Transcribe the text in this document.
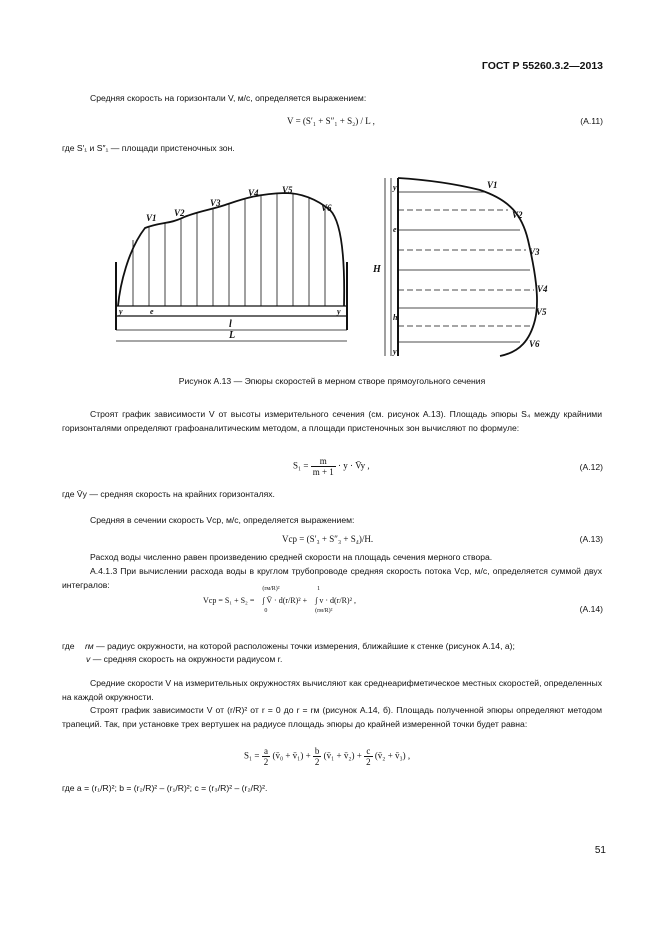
ГОСТ Р 55260.3.2—2013
Средняя скорость на горизонтали V, м/с, определяется выражением:
V = (S′₁ + S″₁ + S₂) / L ,	(А.11)
где S′₁ и S″₁ — площади пристеночных зон.
V1 V2
V3
V4	V5
V6
y	y
e
l
L
V1
V2
V3
V4
V5
V6
H
h
y
y
e
Рисунок А.13 — Эпюры скоростей в мерном створе прямоугольного сечения
Строят график зависимости V от высоты измерительного сечения (см. рисунок А.13). Площадь эпюры S₄ между крайними горизонталями определяют графоаналитическим методом, а площади пристеночных зон вычисляют по формуле:
$S_1 = \frac{m}{m + 1} \cdot y$ · V̄y ,	(А.12)
где V̄y — средняя скорость на крайних горизонталях.
Средняя в сечении скорость Vср, м/с, определяется выражением:
Vср = (S′₃ + S″₃ + S₄)/H.	(А.13)
Расход воды численно равен произведению средней скорости на площадь сечения мерного створа.
А.4.1.3 При вычислении расхода воды в круглом трубопроводе средняя скорость потока Vср, м/с, определяется суммой двух интегралов:
Vср = S₁ + S₂ =
(rм/R)²
0
∫ V̄ · d(r/R)² +
1
(rм/R)²
∫ v · d(r/R)² ,
(А.14)
где rм — радиус окружности, на которой расположены точки измерения, ближайшие к стенке (рисунок А.14, а);
v — средняя скорость на окружности радиусом r.
Средние скорости V на измерительных окружностях вычисляют как среднеарифметическое местных скоростей, определенных на каждой окружности.
Строят график зависимости V от (r/R)² от r = 0 до r = rм (рисунок А.14, б). Площадь полученной эпюры определяют методом трапеций. Так, при установке трех вертушек на радиусе площадь эпюры до крайней измеренной точки будет равна:
$S_1 = \frac{a}{2}$ (v̄₀ + v̄₁) + $\frac{b}{2}$ (v̄₁ + v̄₂) + $\frac{c}{2}$ (v̄₂ + v̄₃) ,
где a = (r₁/R)²; b = (r₂/R)² – (r₁/R)²; c = (r₃/R)² – (r₂/R)².
51
